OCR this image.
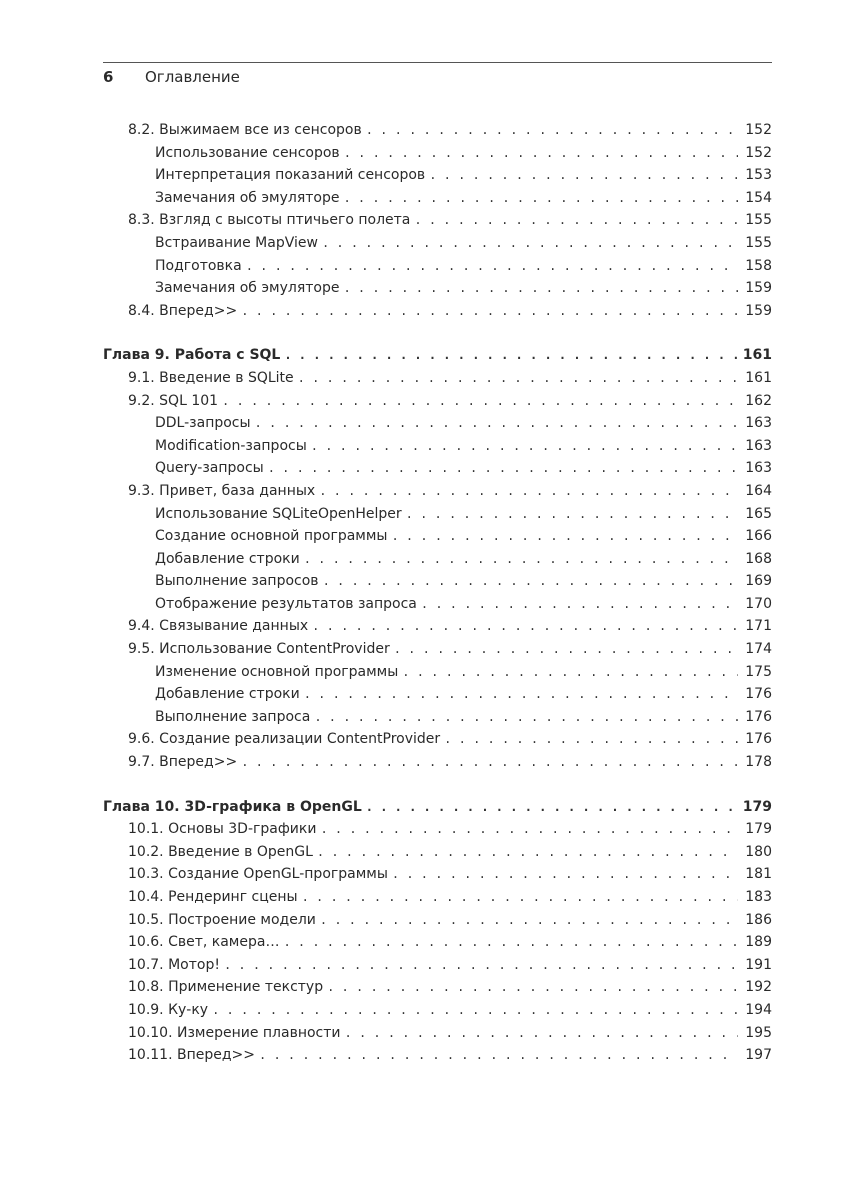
6 Оглавление
8.2. Выжимаем все из сенсоров . . .	152
Использование сенсоров . . .	152
Интерпретация показаний сенсоров . . .	153
Замечания об эмуляторе . . .	154
8.3. Взгляд с высоты птичьего полета . . .	155
Встраивание MapView . . .	155
Подготовка . . .	158
Замечания об эмуляторе . . .	159
8.4. Вперед>> . . .	159
Глава 9. Работа с SQL . . .	161
9.1. Введение в SQLite . . .	161
9.2. SQL 101 . . .	162
DDL-запросы . . .	163
Modification-запросы . . .	163
Query-запросы . . .	163
9.3. Привет, база данных . . .	164
Использование SQLiteOpenHelper . . .	165
Создание основной программы . . .	166
Добавление строки . . .	168
Выполнение запросов . . .	169
Отображение результатов запроса . . .	170
9.4. Связывание данных . . .	171
9.5. Использование ContentProvider . . .	174
Изменение основной программы . . .	175
Добавление строки . . .	176
Выполнение запроса . . .	176
9.6. Создание реализации ContentProvider . . .	176
9.7. Вперед>> . . .	178
Глава 10. 3D-графика в OpenGL . . .	179
10.1. Основы 3D-графики . . .	179
10.2. Введение в OpenGL . . .	180
10.3. Создание OpenGL-программы . . .	181
10.4. Рендеринг сцены . . .	183
10.5. Построение модели . . .	186
10.6. Свет, камера… . . .	189
10.7. Мотор! . . .	191
10.8. Применение текстур . . .	192
10.9. Ку-ку . . .	194
10.10. Измерение плавности . . .	195
10.11. Вперед>> . . .	197
